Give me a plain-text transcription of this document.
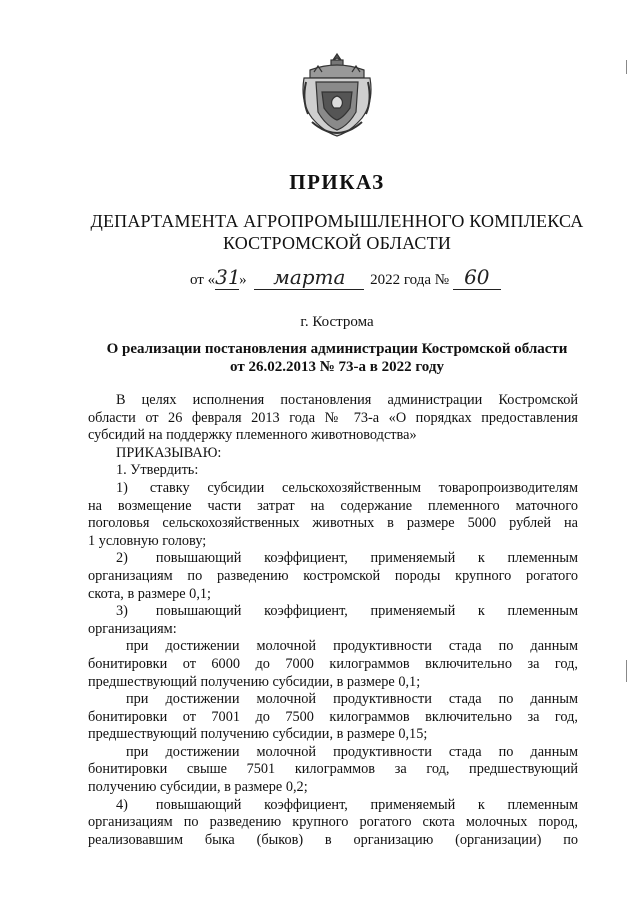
ПРИКАЗ
ДЕПАРТАМЕНТА АГРОПРОМЫШЛЕННОГО КОМПЛЕКСА
КОСТРОМСКОЙ ОБЛАСТИ
от «31» марта 2022 года № 60
г. Кострома
О реализации постановления администрации Костромской области
от 26.02.2013 № 73-а в 2022 году
В целях исполнения постановления администрации Костромской
области от 26 февраля 2013 года № 73-а «О порядках предоставления
субсидий на поддержку племенного животноводства»
ПРИКАЗЫВАЮ:
1. Утвердить:
1) ставку субсидии сельскохозяйственным товаропроизводителям
на возмещение части затрат на содержание племенного маточного
поголовья сельскохозяйственных животных в размере 5000 рублей на
1 условную голову;
2) повышающий коэффициент, применяемый к племенным
организациям по разведению костромской породы крупного рогатого
скота, в размере 0,1;
3) повышающий коэффициент, применяемый к племенным
организациям:
при достижении молочной продуктивности стада по данным
бонитировки от 6000 до 7000 килограммов включительно за год,
предшествующий получению субсидии, в размере 0,1;
при достижении молочной продуктивности стада по данным
бонитировки от 7001 до 7500 килограммов включительно за год,
предшествующий получению субсидии, в размере 0,15;
при достижении молочной продуктивности стада по данным
бонитировки свыше 7501 килограммов за год, предшествующий
получению субсидии, в размере 0,2;
4) повышающий коэффициент, применяемый к племенным
организациям по разведению крупного рогатого скота молочных пород,
реализовавшим быка (быков) в организацию (организации) по
